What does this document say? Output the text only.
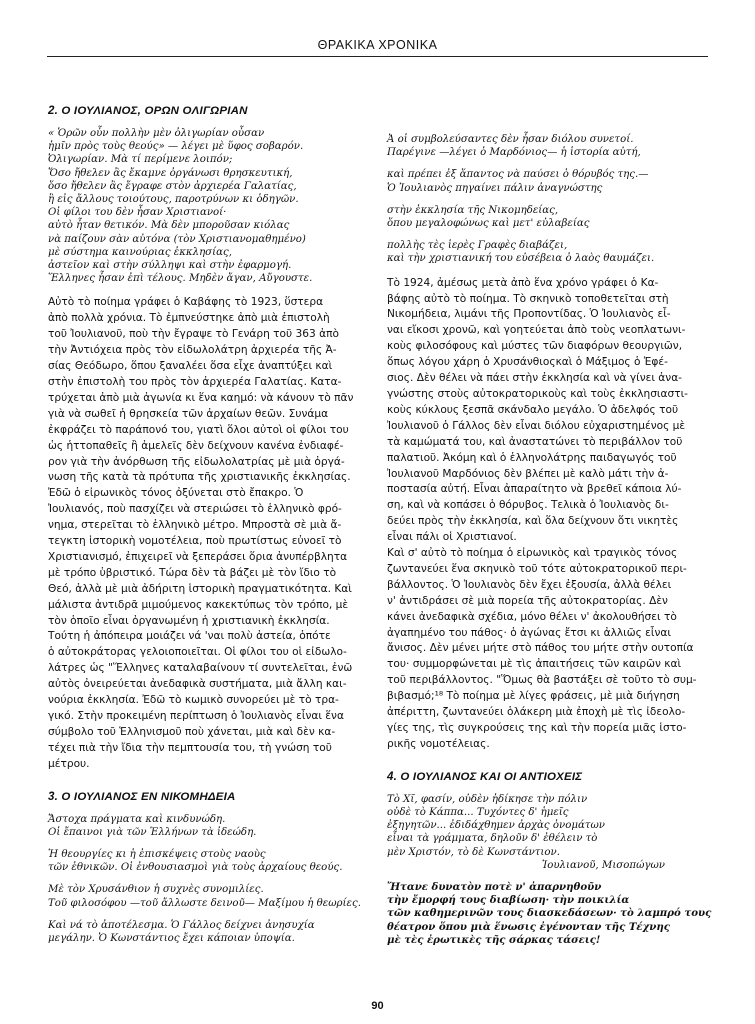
ΘΡΑΚΙΚΑ ΧΡΟΝΙΚΑ
2. Ο ΙΟΥΛΙΑΝΟΣ, ΟΡΩΝ ΟΛΙΓΩΡΙΑΝ
« Ὁρῶν οὖν πολλὴν μὲν ὀλιγωρίαν οὖσαν
ἡμῖν πρὸς τοὺς θεούς» — λέγει μὲ ὕφος σοβαρόν.
Ὀλιγωρίαν. Μὰ τί περίμενε λοιπόν;
Ὅσο ἤθελεν ἂς ἔκαμνε ὀργάνωσι θρησκευτική,
ὅσο ἤθελεν ἂς ἔγραφε στὸν ἀρχιερέα Γαλατίας,
ἢ εἰς ἄλλους τοιούτους, παροτρύνων κι ὁδηγῶν.
Οἱ φίλοι του δὲν ἦσαν Χριστιανοί·
αὐτὸ ἦταν θετικόν. Μὰ δὲν μποροῦσαν κιόλας
νὰ παίζουν σὰν αὐτόνα (τὸν Χριστιανομαθημένο)
μὲ σύστημα καινούριας ἐκκλησίας,
ἀστεῖον καὶ στὴν σύλληψι καὶ στὴν ἐφαρμογή.
Ἕλληνες ἦσαν ἐπὶ τέλους. Μηδὲν ἄγαν, Αὔγουστε.
Αὐτὸ τὸ ποίημα γράφει ὁ Καβάφης τὸ 1923, ὕστερα
ἀπὸ πολλὰ χρόνια. Τὸ ἐμπνεύστηκε ἀπὸ μιὰ ἐπιστολὴ
τοῦ Ἰουλιανοῦ, ποὺ τὴν ἔγραψε τὸ Γενάρη τοῦ 363 ἀπὸ
τὴν Ἀντιόχεια πρὸς τὸν εἰδωλολάτρη ἀρχιερέα τῆς Ἀ-
σίας Θεόδωρο, ὅπου ξαναλέει ὅσα εἶχε ἀναπτύξει καὶ
στὴν ἐπιστολὴ του πρὸς τὸν ἀρχιερέα Γαλατίας. Κατα-
τρύχεται ἀπὸ μιὰ ἀγωνία κι ἕνα καημό: νὰ κάνουν τὸ πᾶν
γιὰ νὰ σωθεῖ ἡ θρησκεία τῶν ἀρχαίων θεῶν. Συνάμα
ἐκφράζει τὸ παράπονό του, γιατὶ ὅλοι αὐτοὶ οἱ φίλοι του
ὡς ἡττοπαθεῖς ἢ ἀμελεῖς δὲν δείχνουν κανένα ἐνδιαφέ-
ρον γιὰ τὴν ἀνόρθωση τῆς εἰδωλολατρίας μὲ μιὰ ὀργά-
νωση τῆς κατὰ τὰ πρότυπα τῆς χριστιανικῆς ἐκκλησίας.
Ἐδῶ ὁ εἰρωνικὸς τόνος ὀξύνεται στὸ ἔπακρο. Ὁ
Ἰουλιανός, ποὺ πασχίζει νὰ στεριώσει τὸ ἑλληνικὸ φρό-
νημα, στερεῖται τὸ ἑλληνικὸ μέτρο. Μπροστὰ σὲ μιὰ ἄ-
τεγκτη ἱστορικὴ νομοτέλεια, ποὺ πρωτίστως εὐνοεῖ τὸ
Χριστιανισμό, ἐπιχειρεῖ νὰ ξεπεράσει ὅρια ἀνυπέρβλητα
μὲ τρόπο ὑβριστικό. Τώρα δὲν τὰ βάζει μὲ τὸν ἴδιο τὸ
Θεό, ἀλλὰ μὲ μιὰ ἀδήριτη ἱστορικὴ πραγματικότητα. Καὶ
μάλιστα ἀντιδρᾶ μιμούμενος κακεκτύπως τὸν τρόπο, μὲ
τὸν ὁποῖο εἶναι ὀργανωμένη ἡ χριστιανικὴ ἐκκλησία.
Τούτη ἡ ἀπόπειρα μοιάζει νά 'ναι πολὺ ἀστεία, ὁπότε
ὁ αὐτοκράτορας γελοιοποιεῖται. Οἱ φίλοι του οἱ εἰδωλο-
λάτρες ὡς "Ἕλληνες καταλαβαίνουν τί συντελεῖται, ἐνῶ
αὐτὸς ὀνειρεύεται ἀνεδαφικὰ συστήματα, μιὰ ἄλλη και-
νούρια ἐκκλησία. Ἐδῶ τὸ κωμικὸ συνορεύει μὲ τὸ τρα-
γικό. Στὴν προκειμένη περίπτωση ὁ Ἰουλιανὸς εἶναι ἕνα
σύμβολο τοῦ Ἑλληνισμοῦ ποὺ χάνεται, μιὰ καὶ δὲν κα-
τέχει πιὰ τὴν ἴδια τὴν πεμπτουσία του, τὴ γνώση τοῦ
μέτρου.
3. Ο ΙΟΥΛΙΑΝΟΣ ΕΝ ΝΙΚΟΜΗΔΕΙΑ
Ἄστοχα πράγματα καὶ κινδυνώδη.
Οἱ ἔπαινοι γιὰ τῶν Ἑλλήνων τὰ ἰδεώδη.
Ἡ θεουργίες κι ἡ ἐπισκέψεις στοὺς ναοὺς
τῶν ἐθνικῶν. Οἱ ἐνθουσιασμοὶ γιὰ τοὺς ἀρχαίους θεούς.
Μὲ τὸν Χρυσάνθιον ἡ συχνὲς συνομιλίες.
Τοῦ φιλοσόφου —τοῦ ἄλλωστε δεινοῦ— Μαξίμου ἡ θεωρίες.
Καὶ νά τὸ ἀποτέλεσμα. Ὁ Γάλλος δείχνει ἀνησυχία
μεγάλην. Ὁ Κωνστάντιος ἔχει κάποιαν ὑποψία.
Ἀ οἱ συμβολεύσαντες δὲν ἦσαν διόλου συνετοί.
Παρέγινε —λέγει ὁ Μαρδόνιος— ἡ ἱστορία αὐτή,
καὶ πρέπει ἐξ ἅπαντος νὰ παύσει ὁ θόρυβός της.—
Ὁ Ἰουλιανὸς πηγαίνει πάλιν ἀναγνώστης
στὴν ἐκκλησία τῆς Νικομηδείας,
ὅπου μεγαλοφώνως καὶ μετ' εὐλαβείας
πολλὴς τὲς ἱερὲς Γραφὲς διαβάζει,
καὶ τὴν χριστιανική του εὐσέβεια ὁ λαὸς θαυμάζει.
Τὸ 1924, ἀμέσως μετὰ ἀπὸ ἕνα χρόνο γράφει ὁ Κα-
βάφης αὐτὸ τὸ ποίημα. Τὸ σκηνικὸ τοποθετεῖται στὴ
Νικομήδεια, λιμάνι τῆς Προποντίδας. Ὁ Ἰουλιανὸς εἶ-
ναι εἴκοσι χρονῶ, καὶ γοητεύεται ἀπὸ τοὺς νεοπλατωνι-
κοὺς φιλοσόφους καὶ μύστες τῶν διαφόρων θεουργιῶν,
ὅπως λόγου χάρη ὁ Χρυσάνθιοςκαὶ ὁ Μάξιμος ὁ Ἐφέ-
σιος. Δὲν θέλει νὰ πάει στὴν ἐκκλησία καὶ νὰ γίνει ἀνα-
γνώστης στοὺς αὐτοκρατορικοὺς καὶ τοὺς ἐκκλησιαστι-
κοὺς κύκλους ξεσπᾶ σκάνδαλο μεγάλο. Ὁ ἀδελφός τοῦ
Ἰουλιανοῦ ὁ Γάλλος δὲν εἶναι διόλου εὐχαριστημένος μὲ
τὰ καμώματά του, καὶ ἀναστατώνει τὸ περιβάλλον τοῦ
παλατιοῦ. Ἀκόμη καὶ ὁ ἑλληνολάτρης παιδαγωγός τοῦ
Ἰουλιανοῦ Μαρδόνιος δὲν βλέπει μὲ καλὸ μάτι τὴν ἀ-
ποστασία αὐτή. Εἶναι ἀπαραίτητο νὰ βρεθεῖ κάποια λύ-
ση, καὶ νὰ κοπάσει ὁ θόρυβος. Τελικὰ ὁ Ἰουλιανὸς δι-
δεύει πρὸς τὴν ἐκκλησία, καὶ ὅλα δείχνουν ὅτι νικητὲς
εἶναι πάλι οἱ Χριστιανοί.
Καὶ σ' αὐτὸ τὸ ποίημα ὁ εἰρωνικὸς καὶ τραγικὸς τόνος
ζωντανεύει ἕνα σκηνικὸ τοῦ τότε αὐτοκρατορικοῦ περι-
βάλλοντος. Ὁ Ἰουλιανὸς δὲν ἔχει ἐξουσία, ἀλλὰ θέλει
ν' ἀντιδράσει σὲ μιὰ πορεία τῆς αὐτοκρατορίας. Δὲν
κάνει ἀνεδαφικὰ σχέδια, μόνο θέλει ν' ἀκολουθήσει τὸ
ἀγαπημένο του πάθος· ὁ ἀγώνας ἔτσι κι ἀλλιῶς εἶναι
ἄνισος. Δὲν μένει μήτε στὸ πάθος του μήτε στὴν ουτοπία
του· συμμορφώνεται μὲ τὶς ἀπαιτήσεις τῶν καιρῶν καὶ
τοῦ περιβάλλοντος. "Ὅμως θὰ βαστάξει σὲ τοῦτο τὸ συμ-
βιβασμό;¹⁸ Τὸ ποίημα μὲ λίγες φράσεις, μὲ μιὰ διήγηση
ἀπέριττη, ζωντανεύει ὁλάκερη μιὰ ἐποχὴ μὲ τὶς ἰδεολο-
γίες της, τὶς συγκρούσεις της καὶ τὴν πορεία μιᾶς ἱστο-
ρικῆς νομοτέλειας.
4. Ο ΙΟΥΛΙΑΝΟΣ ΚΑΙ ΟΙ ΑΝΤΙΟΧΕΙΣ
Τὸ Χῖ, φασίν, οὐδὲν ἠδίκησε τὴν πόλιν
οὐδὲ τὸ Κάππα... Τυχόντες δ' ἡμεῖς
ἐξηγητῶν... ἐδιδάχθημεν ἀρχὰς ὀνομάτων
εἶναι τὰ γράμματα, δηλοῦν δ' ἐθέλειν τὸ
μὲν Χριστόν, τὸ δὲ Κωνστάντιον.
Ἰουλιανοῦ, Μισοπώγων
Ἤτανε δυνατὸν ποτὲ ν' ἀπαρνηθοῦν
τὴν ἔμορφή τους διαβίωση· τὴν ποικιλία
τῶν καθημερινῶν τους διασκεδάσεων· τὸ λαμπρό τους
θέατρον ὅπου μιὰ ἕνωσις ἐγένονταν τῆς Τέχνης
μὲ τὲς ἐρωτικὲς τῆς σάρκας τάσεις!
90
